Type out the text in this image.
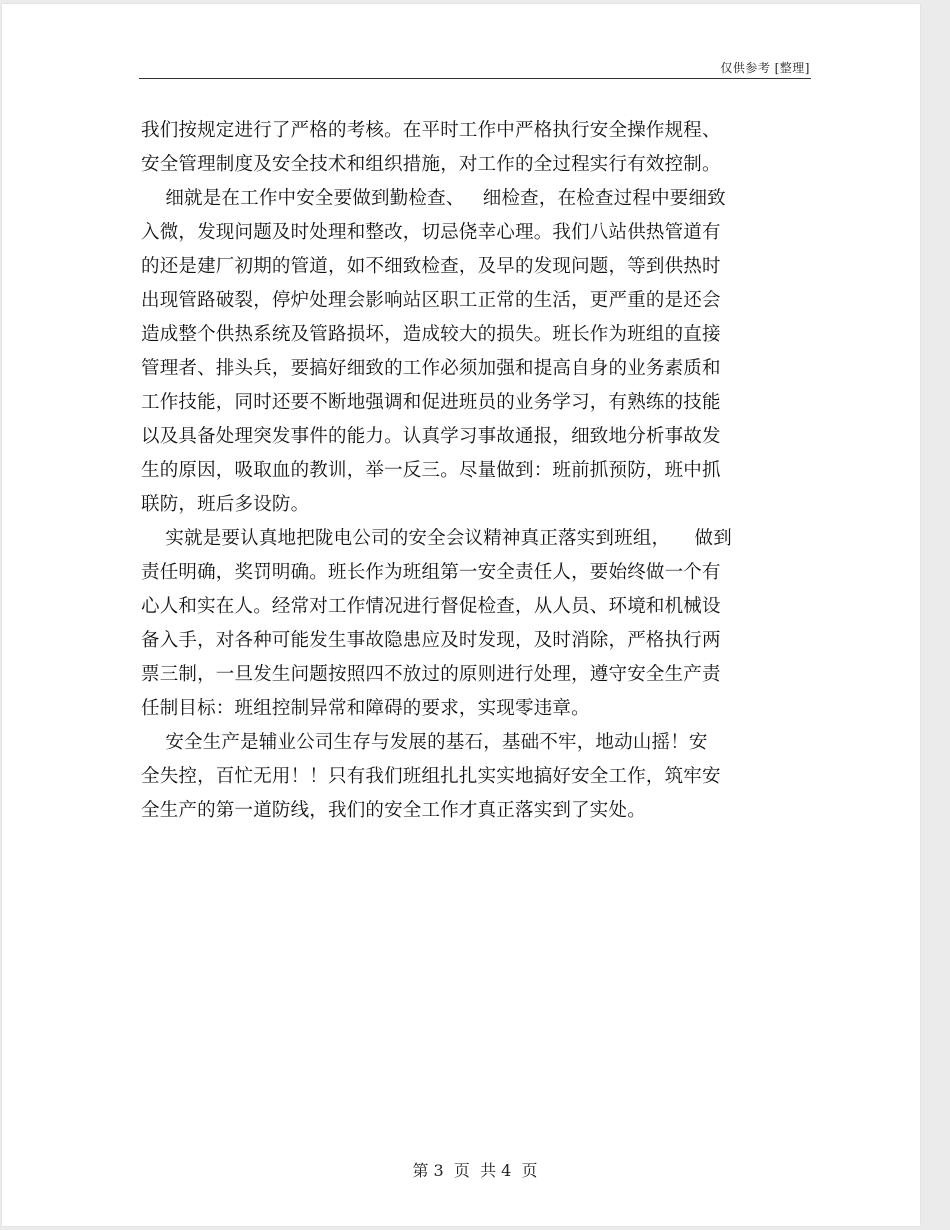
仅供参考 [整理]
我们按规定进行了严格的考核。在平时工作中严格执行安全操作规程、
安全管理制度及安全技术和组织措施，对工作的全过程实行有效控制。
细就是在工作中安全要做到勤检查、   细检查，在检查过程中要细致
入微，发现问题及时处理和整改，切忌侥幸心理。我们八站供热管道有
的还是建厂初期的管道，如不细致检查，及早的发现问题，等到供热时
出现管路破裂，停炉处理会影响站区职工正常的生活，更严重的是还会
造成整个供热系统及管路损坏，造成较大的损失。班长作为班组的直接
管理者、排头兵，要搞好细致的工作必须加强和提高自身的业务素质和
工作技能，同时还要不断地强调和促进班员的业务学习，有熟练的技能
以及具备处理突发事件的能力。认真学习事故通报，细致地分析事故发
生的原因，吸取血的教训，举一反三。尽量做到：班前抓预防，班中抓
联防，班后多设防。
实就是要认真地把陇电公司的安全会议精神真正落实到班组，    做到
责任明确，奖罚明确。班长作为班组第一安全责任人，要始终做一个有
心人和实在人。经常对工作情况进行督促检查，从人员、环境和机械设
备入手，对各种可能发生事故隐患应及时发现，及时消除，严格执行两
票三制，一旦发生问题按照四不放过的原则进行处理，遵守安全生产责
任制目标：班组控制异常和障碍的要求，实现零违章。
安全生产是辅业公司生存与发展的基石，基础不牢，地动山摇！安
全失控，百忙无用！！只有我们班组扎扎实实地搞好安全工作，筑牢安
全生产的第一道防线，我们的安全工作才真正落实到了实处。
第 3  页  共 4  页
